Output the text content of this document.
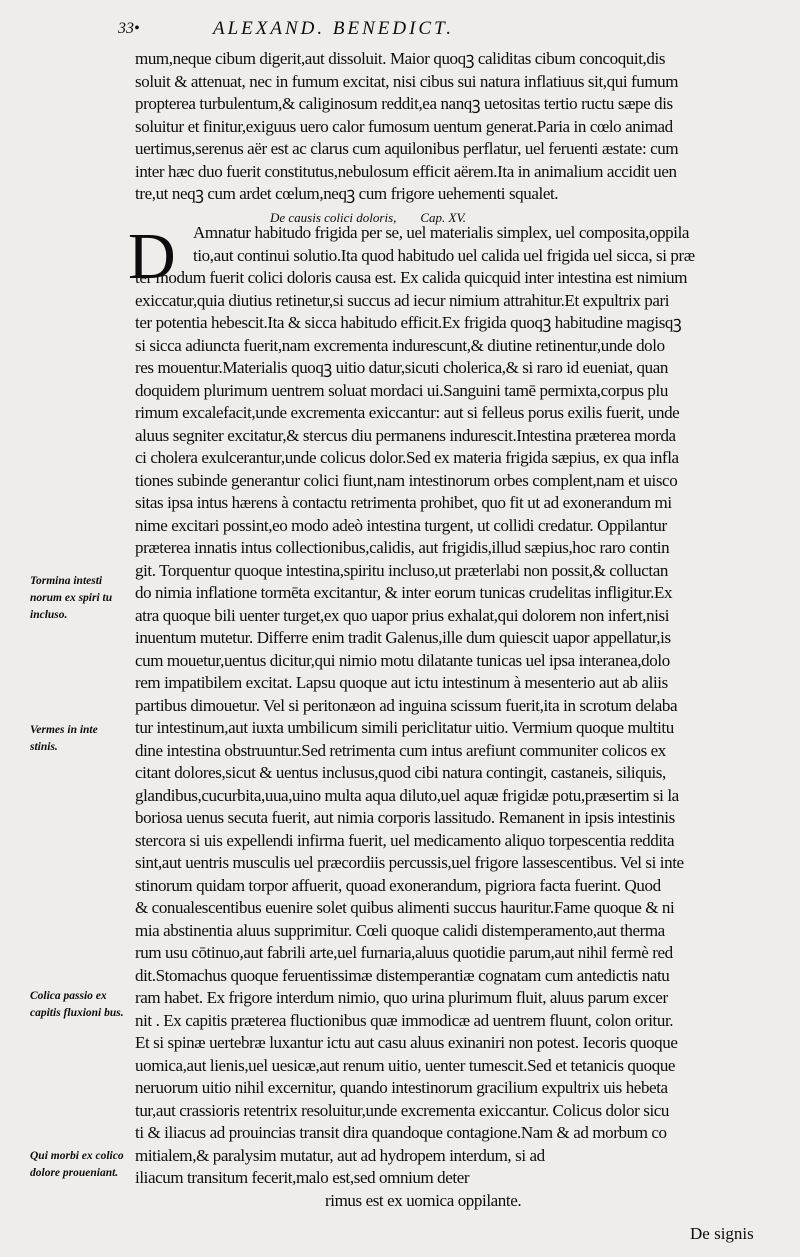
33•	ALEXAND. BENEDICT.
mum,neque cibum digerit,aut dissoluit. Maior quoqꝫ caliditas cibum concoquit,dis
soluit & attenuat, nec in fumum excitat, nisi cibus sui natura inflatiuus sit,qui fumum
propterea turbulentum,& caliginosum reddit,ea nanqꝫ uetositas tertio ructu sæpe dis
soluitur et finitur,exiguus uero calor fumosum uentum generat.Paria in cœlo animad
uertimus,serenus aër est ac clarus cum aquilonibus perflatur, uel feruenti æstate: cum
inter hæc duo fuerit constitutus,nebulosum efficit aërem.Ita in animalium accidit uen
tre,ut neqꝫ cum ardet cœlum,neqꝫ cum frigore uehementi squalet.
De causis colici doloris, Cap. XV.
D	Amnatur habitudo frigida per se, uel materialis simplex, uel composita,oppila
tio,aut continui solutio.Ita quod habitudo uel calida uel frigida uel sicca, si præ
ter modum fuerit colici doloris causa est. Ex calida quicquid inter intestina est nimium
exiccatur,quia diutius retinetur,si succus ad iecur nimium attrahitur.Et expultrix pari
ter potentia hebescit.Ita & sicca habitudo efficit.Ex frigida quoqꝫ habitudine magisqꝫ
si sicca adiuncta fuerit,nam excrementa indurescunt,& diutine retinentur,unde dolo
res mouentur.Materialis quoqꝫ uitio datur,sicuti cholerica,& si raro id eueniat, quan
doquidem plurimum uentrem soluat mordaci ui.Sanguini tamē permixta,corpus plu
rimum excalefacit,unde excrementa exiccantur: aut si felleus porus exilis fuerit, unde
aluus segniter excitatur,& stercus diu permanens indurescit.Intestina præterea morda
ci cholera exulcerantur,unde colicus dolor.Sed ex materia frigida sæpius, ex qua infla
tiones subinde generantur colici fiunt,nam intestinorum orbes complent,nam et uisco
sitas ipsa intus hærens à contactu retrimenta prohibet, quo fit ut ad exonerandum mi
nime excitari possint,eo modo adeò intestina turgent, ut collidi credatur. Oppilantur
præterea innatis intus collectionibus,calidis, aut frigidis,illud sæpius,hoc raro contin
git. Torquentur quoque intestina,spiritu incluso,ut præterlabi non possit,& colluctan
do nimia inflatione tormēta excitantur, & inter eorum tunicas crudelitas infligitur.Ex
atra quoque bili uenter turget,ex quo uapor prius exhalat,qui dolorem non infert,nisi
inuentum mutetur. Differre enim tradit Galenus,ille dum quiescit uapor appellatur,is
cum mouetur,uentus dicitur,qui nimio motu dilatante tunicas uel ipsa interanea,dolo
rem impatibilem excitat. Lapsu quoque aut ictu intestinum à mesenterio aut ab aliis
partibus dimouetur. Vel si peritonæon ad inguina scissum fuerit,ita in scrotum delaba
tur intestinum,aut iuxta umbilicum simili periclitatur uitio. Vermium quoque multitu
dine intestina obstruuntur.Sed retrimenta cum intus arefiunt communiter colicos ex
citant dolores,sicut & uentus inclusus,quod cibi natura contingit, castaneis, siliquis,
glandibus,cucurbita,uua,uino multa aqua diluto,uel aquæ frigidæ potu,præsertim si la
boriosa uenus secuta fuerit, aut nimia corporis lassitudo. Remanent in ipsis intestinis
stercora si uis expellendi infirma fuerit, uel medicamento aliquo torpescentia reddita
sint,aut uentris musculis uel præcordiis percussis,uel frigore lassescentibus. Vel si inte
stinorum quidam torpor affuerit, quoad exonerandum, pigriora facta fuerint. Quod
& conualescentibus euenire solet quibus alimenti succus hauritur.Fame quoque & ni
mia abstinentia aluus supprimitur. Cœli quoque calidi distemperamento,aut therma
rum usu cōtinuo,aut fabrili arte,uel furnaria,aluus quotidie parum,aut nihil fermè red
dit.Stomachus quoque feruentissimæ distemperantiæ cognatam cum antedictis natu
ram habet. Ex frigore interdum nimio, quo urina plurimum fluit, aluus parum excer
nit . Ex capitis præterea fluctionibus quæ immodicæ ad uentrem fluunt, colon oritur.
Et si spinæ uertebræ luxantur ictu aut casu aluus exinaniri non potest. Iecoris quoque
uomica,aut lienis,uel uesicæ,aut renum uitio, uenter tumescit.Sed et tetanicis quoque
neruorum uitio nihil excernitur, quando intestinorum gracilium expultrix uis hebeta
tur,aut crassioris retentrix resoluitur,unde excrementa exiccantur. Colicus dolor sicu
ti & iliacus ad prouincias transit dira quandoque contagione.Nam & ad morbum co
mitialem,& paralysim mutatur, aut ad hydropem interdum, si ad
iliacum transitum fecerit,malo est,sed omnium deter
rimus est ex uomica oppilante.
Tormina intesti norum ex spiri tu incluso.
Vermes in inte stinis.
Colica passio ex capitis fluxioni bus.
Qui morbi ex colico dolore proueniant.
De signis
